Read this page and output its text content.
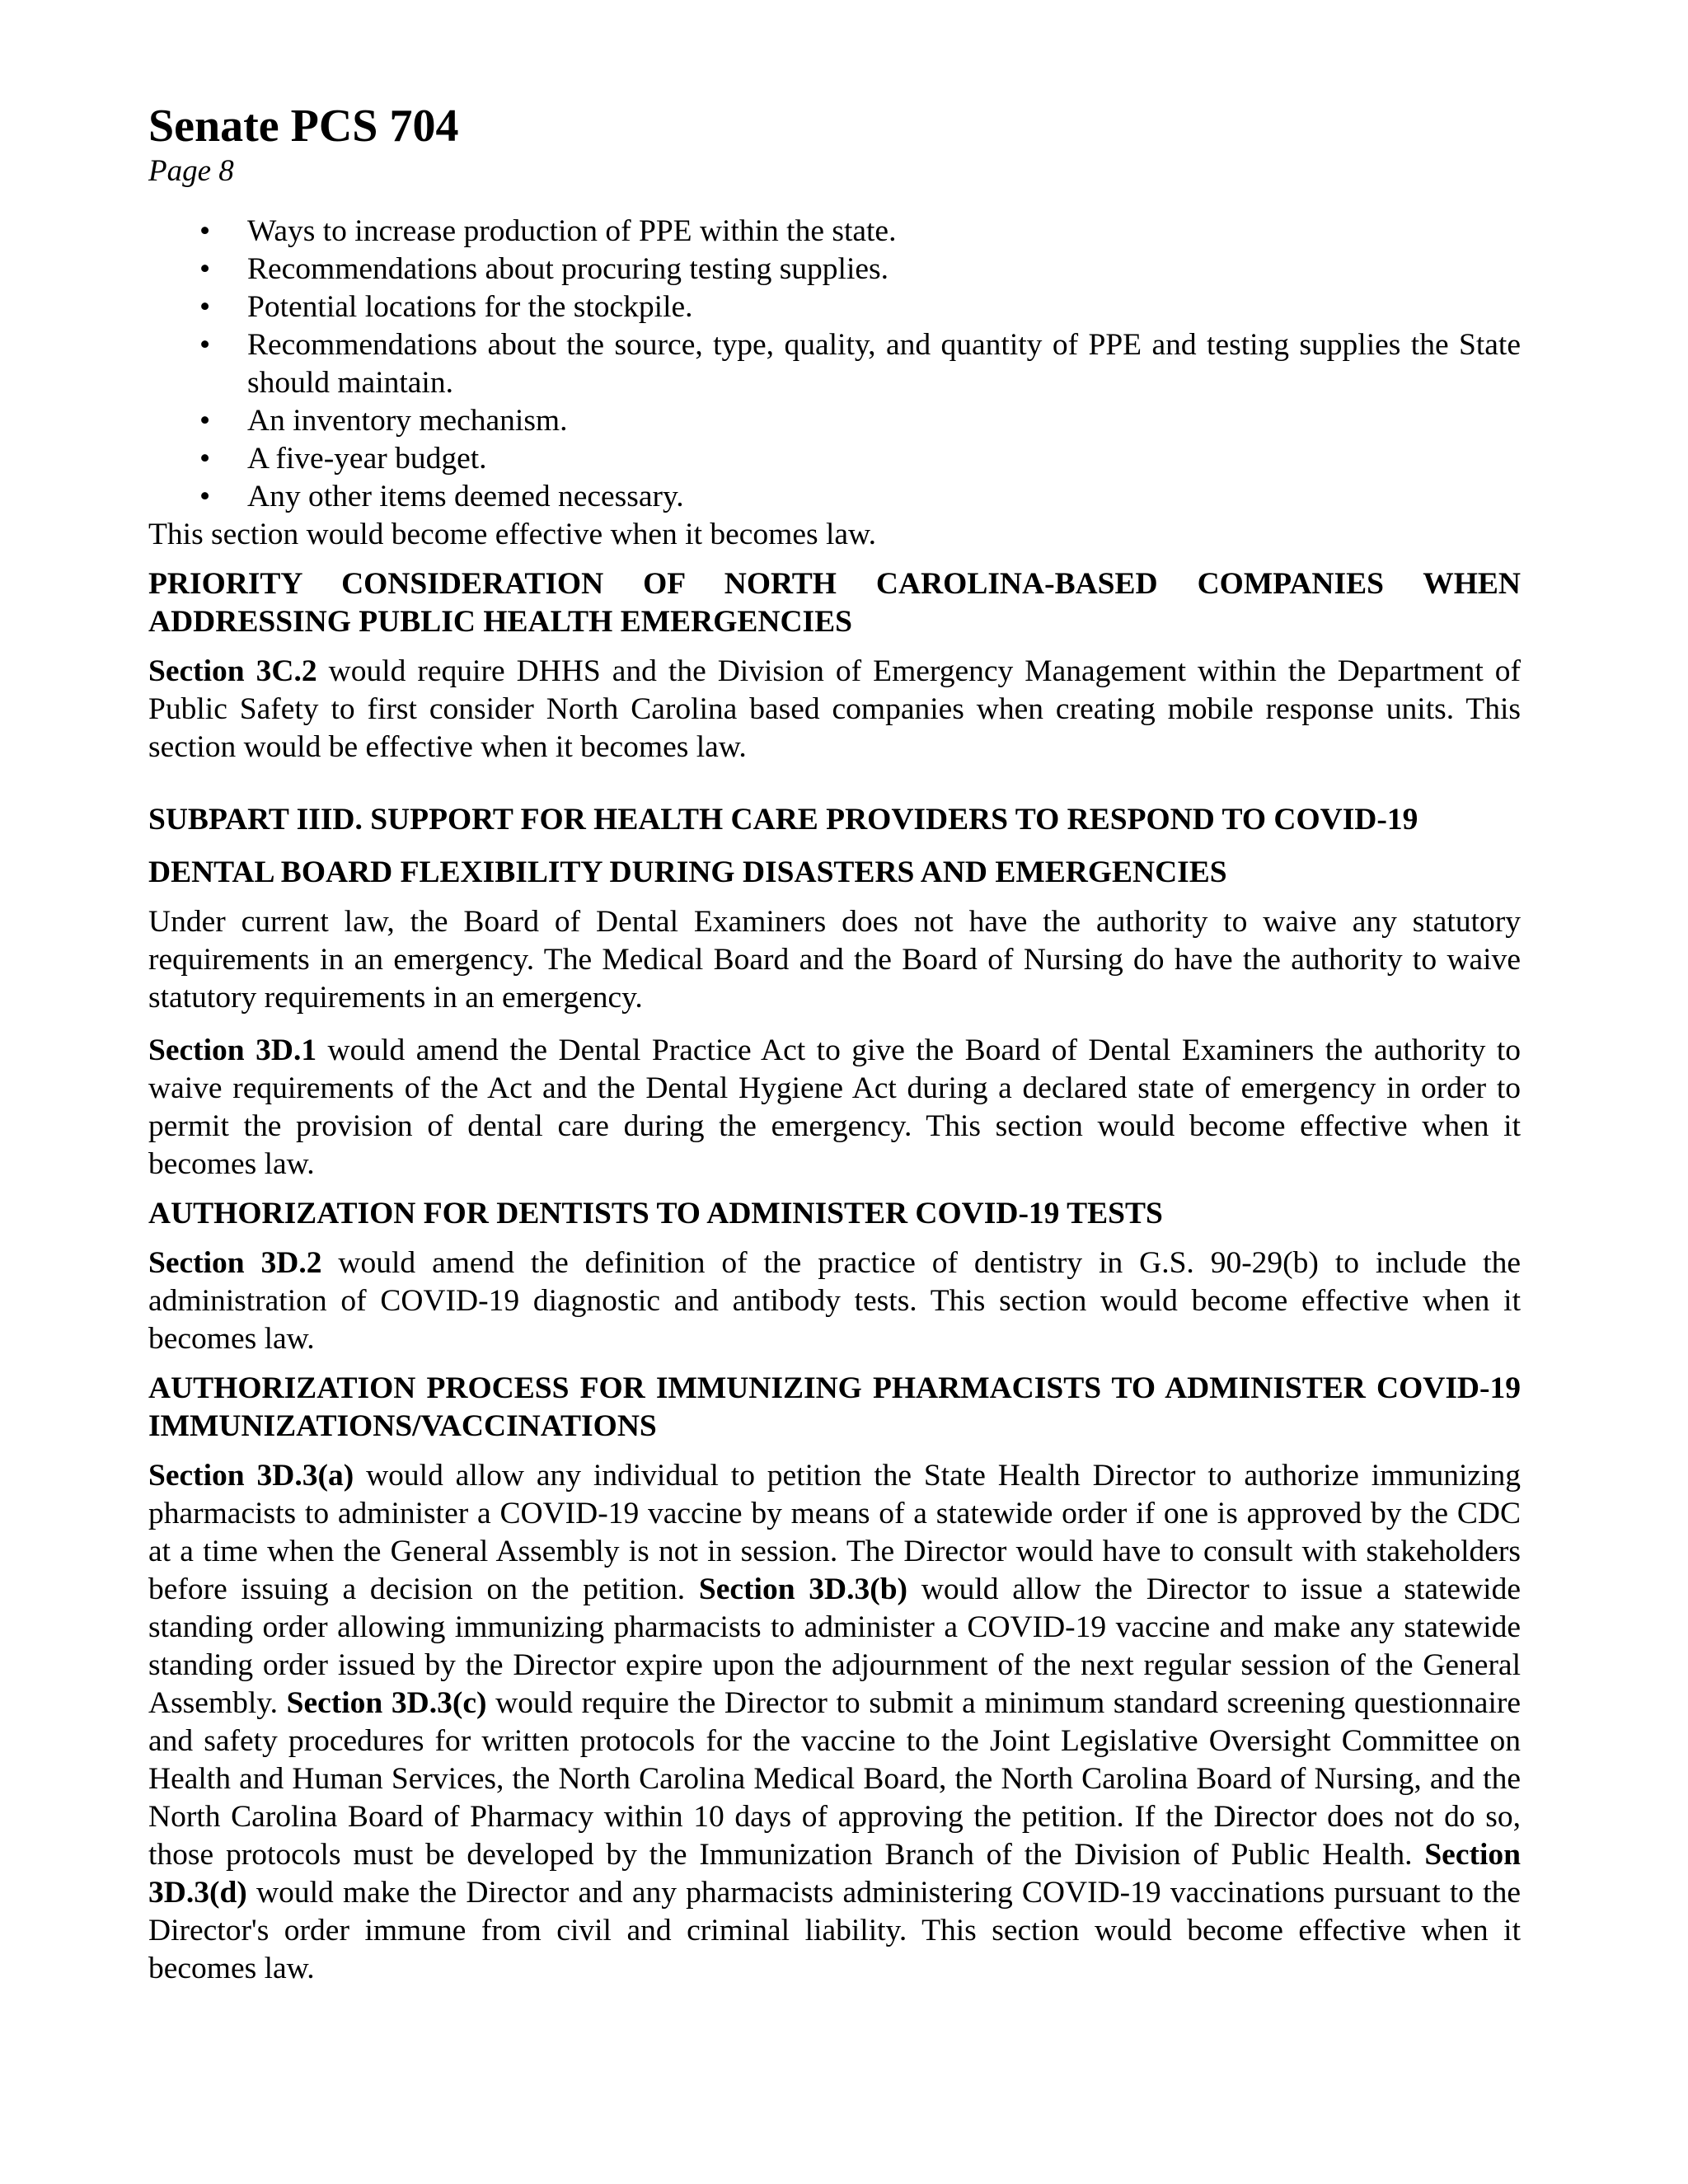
Senate PCS 704
Page 8
• Ways to increase production of PPE within the state.
• Recommendations about procuring testing supplies.
• Potential locations for the stockpile.
• Recommendations about the source, type, quality, and quantity of PPE and testing supplies the State should maintain.
• An inventory mechanism.
• A five-year budget.
• Any other items deemed necessary.

This section would become effective when it becomes law.

PRIORITY CONSIDERATION OF NORTH CAROLINA-BASED COMPANIES WHEN ADDRESSING PUBLIC HEALTH EMERGENCIES

Section 3C.2 would require DHHS and the Division of Emergency Management within the Department of Public Safety to first consider North Carolina based companies when creating mobile response units. This section would be effective when it becomes law.

SUBPART IIID. SUPPORT FOR HEALTH CARE PROVIDERS TO RESPOND TO COVID-19
DENTAL BOARD FLEXIBILITY DURING DISASTERS AND EMERGENCIES

Under current law, the Board of Dental Examiners does not have the authority to waive any statutory requirements in an emergency. The Medical Board and the Board of Nursing do have the authority to waive statutory requirements in an emergency.

Section 3D.1 would amend the Dental Practice Act to give the Board of Dental Examiners the authority to waive requirements of the Act and the Dental Hygiene Act during a declared state of emergency in order to permit the provision of dental care during the emergency. This section would become effective when it becomes law.

AUTHORIZATION FOR DENTISTS TO ADMINISTER COVID-19 TESTS

Section 3D.2 would amend the definition of the practice of dentistry in G.S. 90-29(b) to include the administration of COVID-19 diagnostic and antibody tests. This section would become effective when it becomes law.

AUTHORIZATION PROCESS FOR IMMUNIZING PHARMACISTS TO ADMINISTER COVID-19 IMMUNIZATIONS/VACCINATIONS

Section 3D.3(a) would allow any individual to petition the State Health Director to authorize immunizing pharmacists to administer a COVID-19 vaccine by means of a statewide order if one is approved by the CDC at a time when the General Assembly is not in session. The Director would have to consult with stakeholders before issuing a decision on the petition. Section 3D.3(b) would allow the Director to issue a statewide standing order allowing immunizing pharmacists to administer a COVID-19 vaccine and make any statewide standing order issued by the Director expire upon the adjournment of the next regular session of the General Assembly. Section 3D.3(c) would require the Director to submit a minimum standard screening questionnaire and safety procedures for written protocols for the vaccine to the Joint Legislative Oversight Committee on Health and Human Services, the North Carolina Medical Board, the North Carolina Board of Nursing, and the North Carolina Board of Pharmacy within 10 days of approving the petition. If the Director does not do so, those protocols must be developed by the Immunization Branch of the Division of Public Health. Section 3D.3(d) would make the Director and any pharmacists administering COVID-19 vaccinations pursuant to the Director's order immune from civil and criminal liability. This section would become effective when it becomes law.
